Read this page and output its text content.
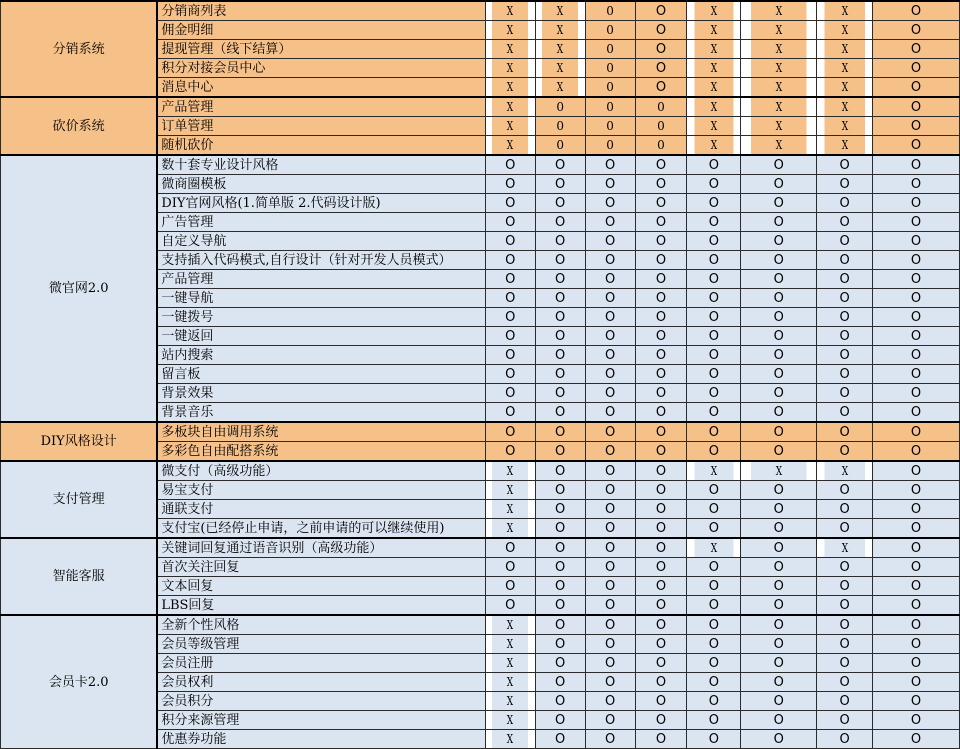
分销系统	分销商列表	X	X	0	O	X	X	X	O
	佣金明细	X	X	0	O	X	X	X	O
	提现管理（线下结算）	X	X	0	O	X	X	X	O
	积分对接会员中心	X	X	0	O	X	X	X	O
	消息中心	X	X	0	O	X	X	X	O
砍价系统	产品管理	X	0	0	0	X	X	X	O
	订单管理	X	0	0	0	X	X	X	O
	随机砍价	X	0	0	0	X	X	X	O
微官网2.0	数十套专业设计风格	O	O	O	O	O	O	O	O
	微商圈模板	O	O	O	O	O	O	O	O
	DIY官网风格(1.简单版 2.代码设计版)	O	O	O	O	O	O	O	O
	广告管理	O	O	O	O	O	O	O	O
	自定义导航	O	O	O	O	O	O	O	O
	支持插入代码模式,自行设计（针对开发人员模式）	O	O	O	O	O	O	O	O
	产品管理	O	O	O	O	O	O	O	O
	一键导航	O	O	O	O	O	O	O	O
	一键拨号	O	O	O	O	O	O	O	O
	一键返回	O	O	O	O	O	O	O	O
	站内搜索	O	O	O	O	O	O	O	O
	留言板	O	O	O	O	O	O	O	O
	背景效果	O	O	O	O	O	O	O	O
	背景音乐	O	O	O	O	O	O	O	O
DIY风格设计	多板块自由调用系统	O	O	O	O	O	O	O	O
	多彩色自由配搭系统	O	O	O	O	O	O	O	O
支付管理	微支付（高级功能）	X	O	O	O	X	X	X	O
	易宝支付	X	O	O	O	O	O	O	O
	通联支付	X	O	O	O	O	O	O	O
	支付宝(已经停止申请，之前申请的可以继续使用)	X	O	O	O	O	O	O	O
智能客服	关键词回复通过语音识别（高级功能）	O	O	O	O	X	O	X	O
	首次关注回复	O	O	O	O	O	O	O	O
	文本回复	O	O	O	O	O	O	O	O
	LBS回复	O	O	O	O	O	O	O	O
会员卡2.0	全新个性风格	X	O	O	O	O	O	O	O
	会员等级管理	X	O	O	O	O	O	O	O
	会员注册	X	O	O	O	O	O	O	O
	会员权利	X	O	O	O	O	O	O	O
	会员积分	X	O	O	O	O	O	O	O
	积分来源管理	X	O	O	O	O	O	O	O
	优惠券功能	X	O	O	O	O	O	O	O
